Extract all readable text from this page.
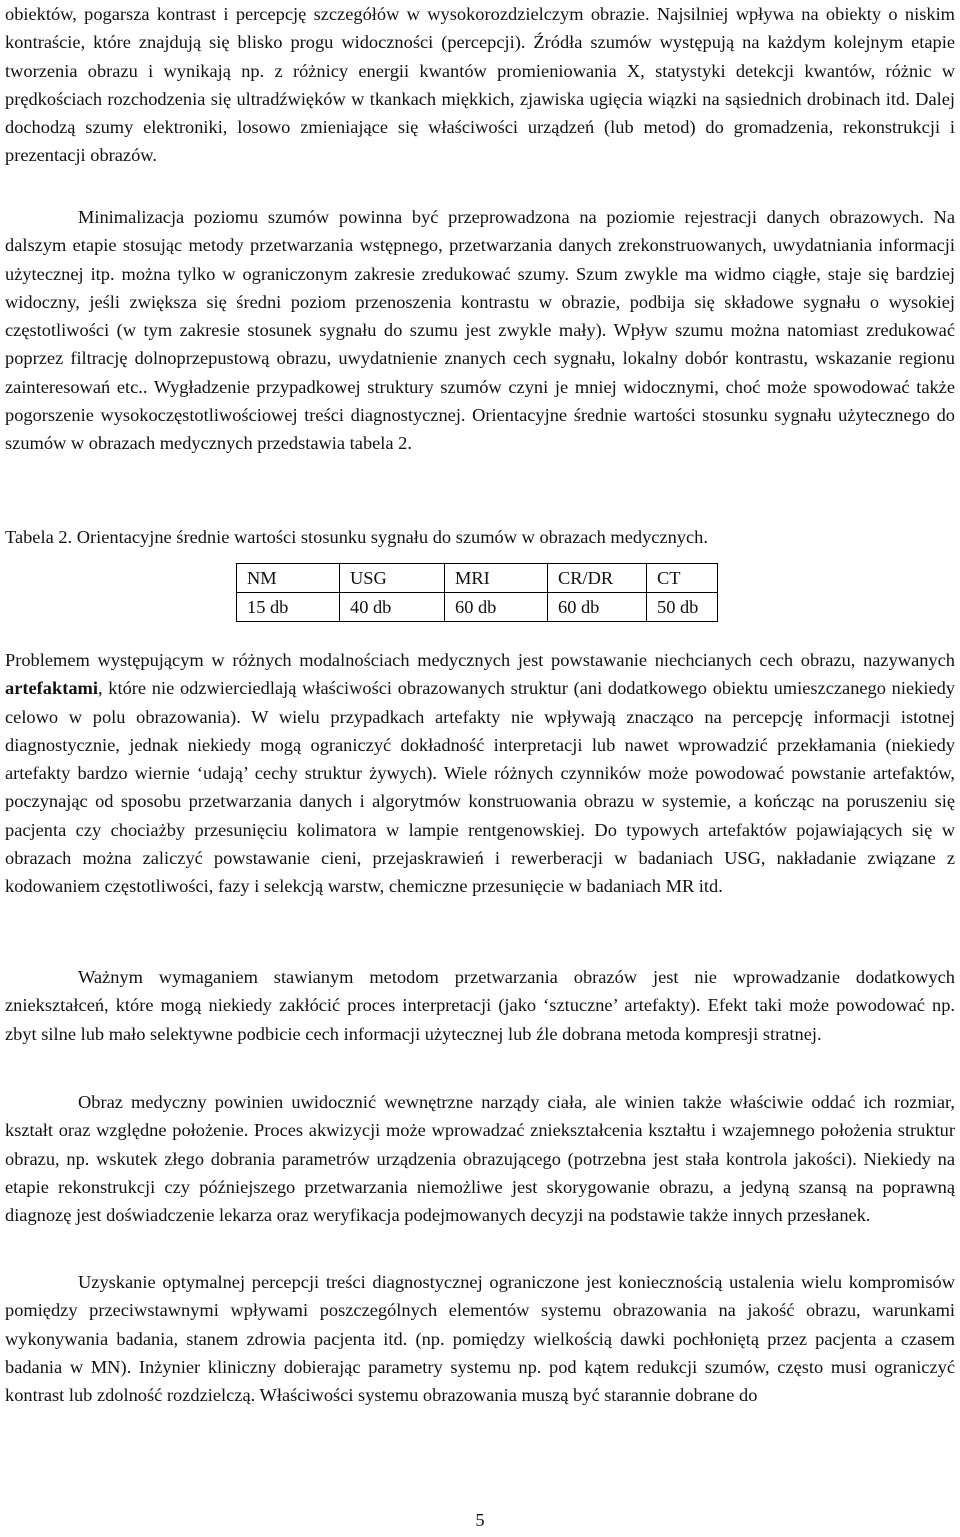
obiektów, pogarsza kontrast i percepcję szczegółów w wysokorozdzielczym obrazie. Najsilniej wpływa na obiekty o niskim kontraście, które znajdują się blisko progu widoczności (percepcji). Źródła szumów występują na każdym kolejnym etapie tworzenia obrazu i wynikają np. z różnicy energii kwantów promieniowania X, statystyki detekcji kwantów, różnic w prędkościach rozchodzenia się ultradźwięków w tkankach miękkich, zjawiska ugięcia wiązki na sąsiednich drobinach itd. Dalej dochodzą szumy elektroniki, losowo zmieniające się właściwości urządzeń (lub metod) do gromadzenia, rekonstrukcji i prezentacji obrazów.

Minimalizacja poziomu szumów powinna być przeprowadzona na poziomie rejestracji danych obrazowych. Na dalszym etapie stosując metody przetwarzania wstępnego, przetwarzania danych zrekonstruowanych, uwydatniania informacji użytecznej itp. można tylko w ograniczonym zakresie zredukować szumy. Szum zwykle ma widmo ciągłe, staje się bardziej widoczny, jeśli zwiększa się średni poziom przenoszenia kontrastu w obrazie, podbija się składowe sygnału o wysokiej częstotliwości (w tym zakresie stosunek sygnału do szumu jest zwykle mały). Wpływ szumu można natomiast zredukować poprzez filtrację dolnoprzepustową obrazu, uwydatnienie znanych cech sygnału, lokalny dobór kontrastu, wskazanie regionu zainteresowań etc.. Wygładzenie przypadkowej struktury szumów czyni je mniej widocznymi, choć może spowodować także pogorszenie wysokoczęstotliwościowej treści diagnostycznej. Orientacyjne średnie wartości stosunku sygnału użytecznego do szumów w obrazach medycznych przedstawia tabela 2.

Tabela 2. Orientacyjne średnie wartości stosunku sygnału do szumów w obrazach medycznych.

NM	USG	MRI	CR/DR	CT
15 db	40 db	60 db	60 db	50 db

Problemem występującym w różnych modalnościach medycznych jest powstawanie niechcianych cech obrazu, nazywanych artefaktami, które nie odzwierciedlają właściwości obrazowanych struktur (ani dodatkowego obiektu umieszczanego niekiedy celowo w polu obrazowania). W wielu przypadkach artefakty nie wpływają znacząco na percepcję informacji istotnej diagnostycznie, jednak niekiedy mogą ograniczyć dokładność interpretacji lub nawet wprowadzić przekłamania (niekiedy artefakty bardzo wiernie ‘udają’ cechy struktur żywych). Wiele różnych czynników może powodować powstanie artefaktów, poczynając od sposobu przetwarzania danych i algorytmów konstruowania obrazu w systemie, a kończąc na poruszeniu się pacjenta czy chociażby przesunięciu kolimatora w lampie rentgenowskiej. Do typowych artefaktów pojawiających się w obrazach można zaliczyć powstawanie cieni, przejaskrawień i rewerberacji w badaniach USG, nakładanie związane z kodowaniem częstotliwości, fazy i selekcją warstw, chemiczne przesunięcie w badaniach MR itd.

Ważnym wymaganiem stawianym metodom przetwarzania obrazów jest nie wprowadzanie dodatkowych zniekształceń, które mogą niekiedy zakłócić proces interpretacji (jako ‘sztuczne’ artefakty). Efekt taki może powodować np. zbyt silne lub mało selektywne podbicie cech informacji użytecznej lub źle dobrana metoda kompresji stratnej.

Obraz medyczny powinien uwidocznić wewnętrzne narządy ciała, ale winien także właściwie oddać ich rozmiar, kształt oraz względne położenie. Proces akwizycji może wprowadzać zniekształcenia kształtu i wzajemnego położenia struktur obrazu, np. wskutek złego dobrania parametrów urządzenia obrazującego (potrzebna jest stała kontrola jakości). Niekiedy na etapie rekonstrukcji czy późniejszego przetwarzania niemożliwe jest skorygowanie obrazu, a jedyną szansą na poprawną diagnozę jest doświadczenie lekarza oraz weryfikacja podejmowanych decyzji na podstawie także innych przesłanek.

Uzyskanie optymalnej percepcji treści diagnostycznej ograniczone jest koniecznością ustalenia wielu kompromisów pomiędzy przeciwstawnymi wpływami poszczególnych elementów systemu obrazowania na jakość obrazu, warunkami wykonywania badania, stanem zdrowia pacjenta itd. (np. pomiędzy wielkością dawki pochłoniętą przez pacjenta a czasem badania w MN). Inżynier kliniczny dobierając parametry systemu np. pod kątem redukcji szumów, często musi ograniczyć kontrast lub zdolność rozdzielczą. Właściwości systemu obrazowania muszą być starannie dobrane do

5
